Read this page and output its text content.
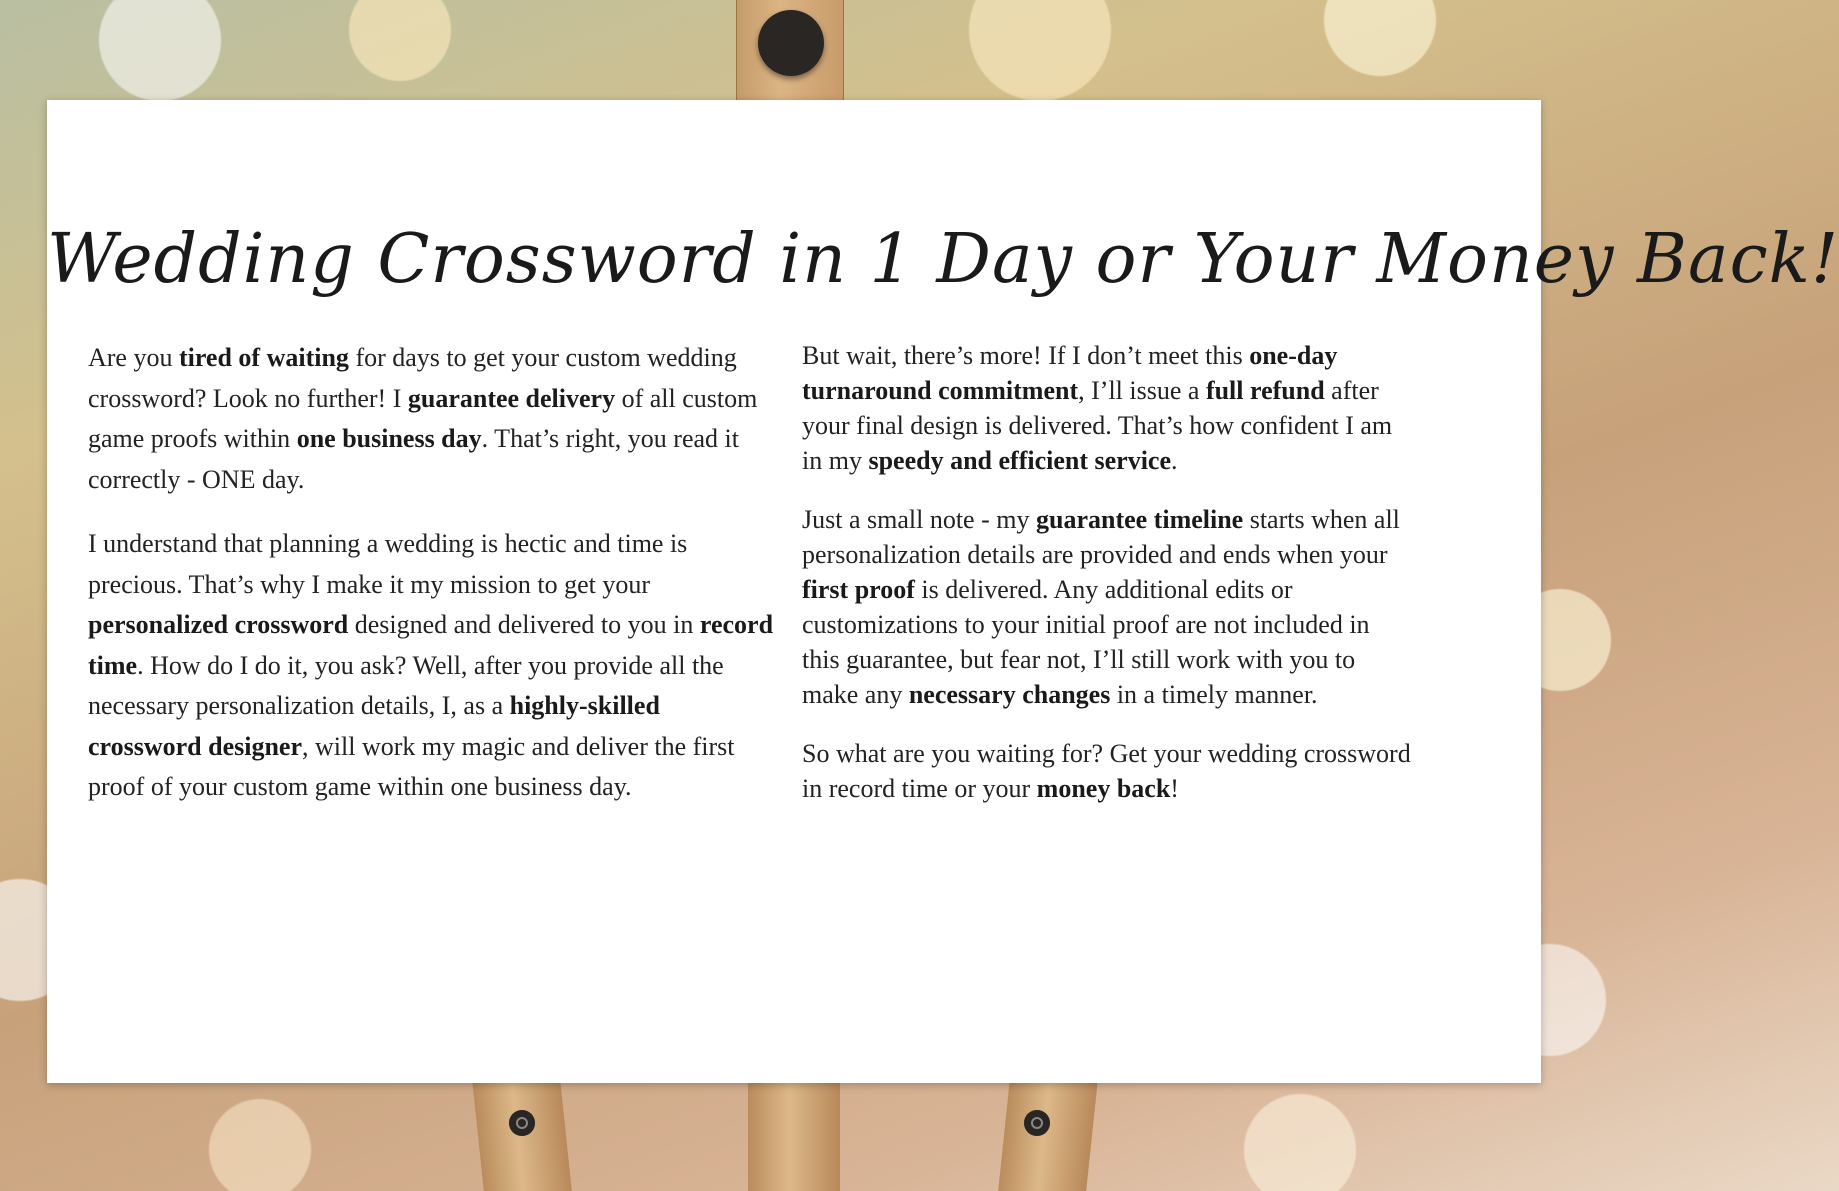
Wedding Crossword in 1 Day or Your Money Back!

Are you tired of waiting for days to get your custom wedding crossword? Look no further! I guarantee delivery of all custom game proofs within one business day. That’s right, you read it correctly - ONE day.

I understand that planning a wedding is hectic and time is precious. That’s why I make it my mission to get your personalized crossword designed and delivered to you in record time. How do I do it, you ask? Well, after you provide all the necessary personalization details, I, as a highly-skilled crossword designer, will work my magic and deliver the first proof of your custom game within one business day.

But wait, there’s more! If I don’t meet this one-day turnaround commitment, I’ll issue a full refund after your final design is delivered. That’s how confident I am in my speedy and efficient service.

Just a small note - my guarantee timeline starts when all personalization details are provided and ends when your first proof is delivered. Any additional edits or customizations to your initial proof are not included in this guarantee, but fear not, I’ll still work with you to make any necessary changes in a timely manner.

So what are you waiting for? Get your wedding crossword in record time or your money back!
